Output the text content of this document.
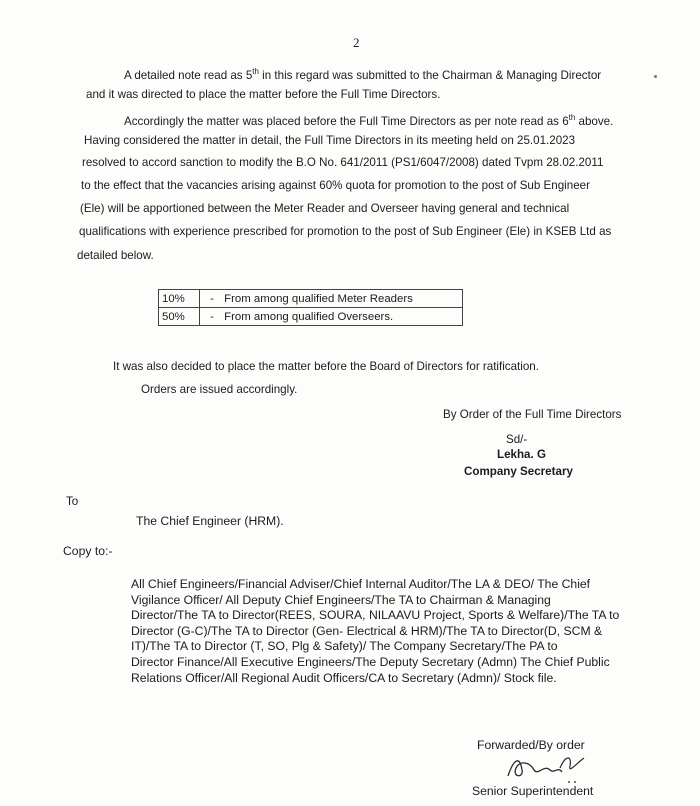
2
A detailed note read as 5th in this regard was submitted to the Chairman & Managing Director
and it was directed to place the matter before the Full Time Directors.
Accordingly the matter was placed before the Full Time Directors as per note read as 6th above.
Having considered the matter in detail, the Full Time Directors in its meeting held on 25.01.2023
resolved to accord sanction to modify the B.O No. 641/2011 (PS1/6047/2008) dated Tvpm 28.02.2011
to the effect that the vacancies arising against 60% quota for promotion to the post of Sub Engineer
(Ele) will be apportioned between the Meter Reader and Overseer having general and technical
qualifications with experience prescribed for promotion to the post of Sub Engineer (Ele) in KSEB Ltd as
detailed below.
10%	- From among qualified Meter Readers
50%	- From among qualified Overseers.
It was also decided to place the matter before the Board of Directors for ratification.
Orders are issued accordingly.
By Order of the Full Time Directors
Sd/-
Lekha. G
Company Secretary
To
The Chief Engineer (HRM).
Copy to:-
All Chief Engineers/Financial Adviser/Chief Internal Auditor/The LA & DEO/ The Chief
Vigilance Officer/ All Deputy Chief Engineers/The TA to Chairman & Managing
Director/The TA to Director(REES, SOURA, NILAAVU Project, Sports & Welfare)/The TA to
Director (G-C)/The TA to Director (Gen- Electrical & HRM)/The TA to Director(D, SCM &
IT)/The TA to Director (T, SO, Plg & Safety)/ The Company Secretary/The PA to
Director Finance/All Executive Engineers/The Deputy Secretary (Admn) The Chief Public
Relations Officer/All Regional Audit Officers/CA to Secretary (Admn)/ Stock file.
Forwarded/By order
Senior Superintendent
